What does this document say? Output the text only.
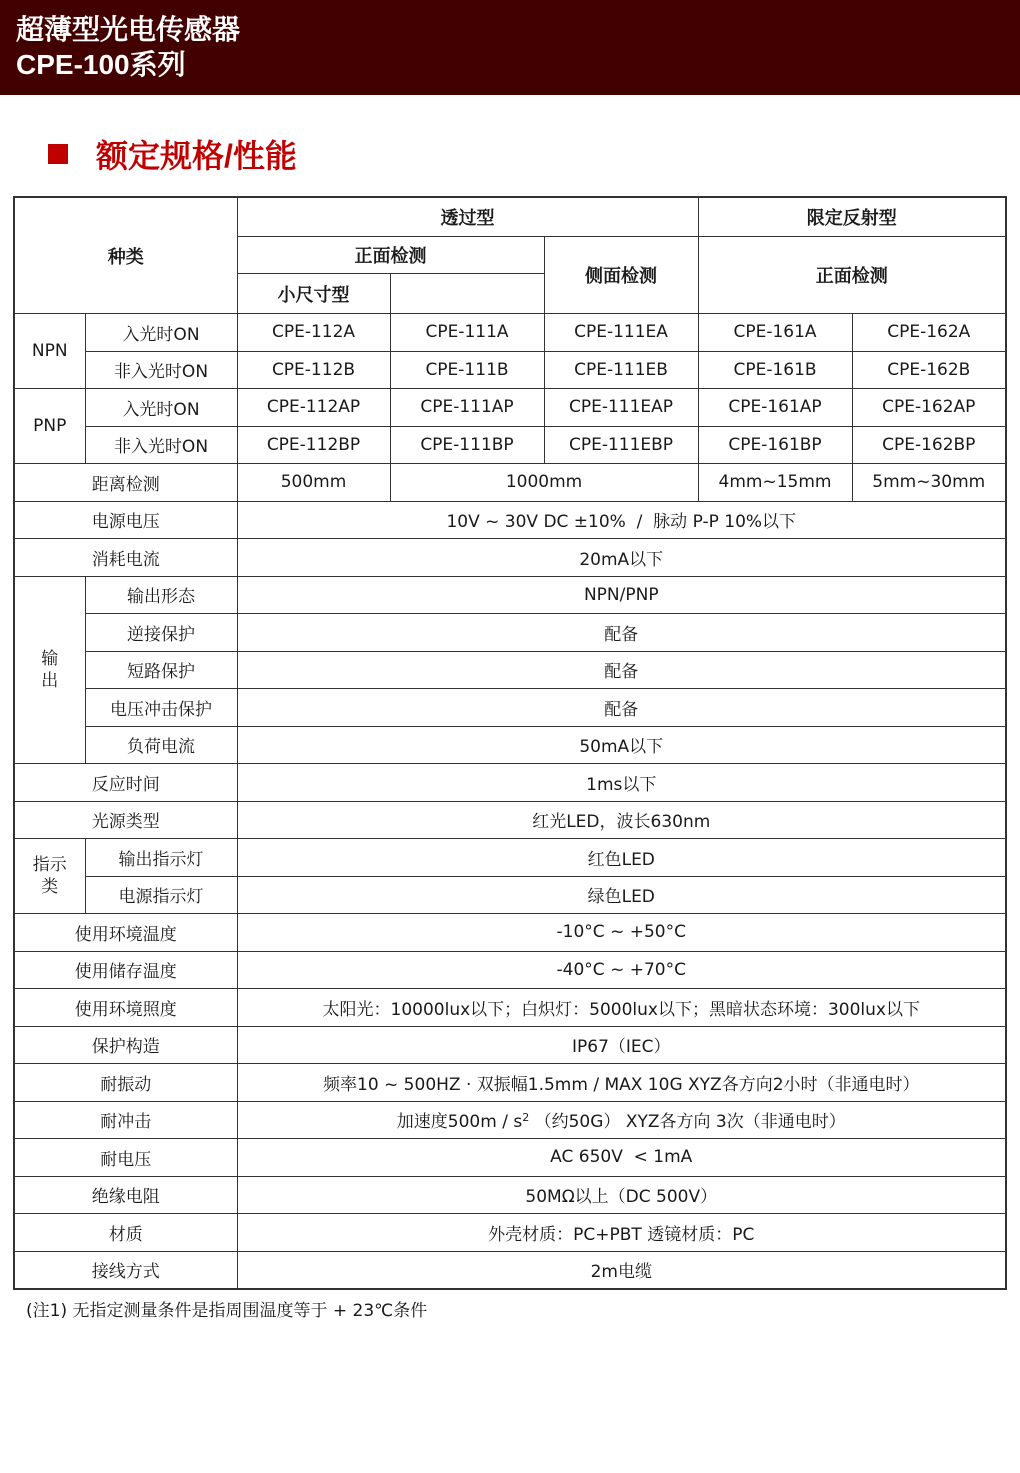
超薄型光电传感器
CPE-100系列
额定规格/性能
种类		透过型			限定反射型	
		正面检测		侧面检测	正面检测	
		小尺寸型				
NPN	入光时ON	CPE-112A	CPE-111A	CPE-111EA	CPE-161A	CPE-162A
	非入光时ON	CPE-112B	CPE-111B	CPE-111EB	CPE-161B	CPE-162B
PNP	入光时ON	CPE-112AP	CPE-111AP	CPE-111EAP	CPE-161AP	CPE-162AP
	非入光时ON	CPE-112BP	CPE-111BP	CPE-111EBP	CPE-161BP	CPE-162BP
距离检测		500mm	1000mm		4mm~15mm	5mm~30mm
电源电压		10V ~ 30V DC ±10%  /  脉动 P-P 10%以下				
消耗电流		20mA以下				
输出	输出形态	NPN/PNP				
	逆接保护	配备				
	短路保护	配备				
	电压冲击保护	配备				
	负荷电流	50mA以下				
反应时间		1ms以下				
光源类型		红光LED，波长630nm				
指示类	输出指示灯	红色LED				
	电源指示灯	绿色LED				
使用环境温度		-10°C ~ +50°C				
使用储存温度		-40°C ~ +70°C				
使用环境照度		太阳光：10000lux以下；白炽灯：5000lux以下；黑暗状态环境：300lux以下				
保护构造		IP67（IEC）				
耐振动		频率10 ~ 500HZ · 双振幅1.5mm / MAX 10G XYZ各方向2小时（非通电时）				
耐冲击		加速度$500m / s^2$ （约50G） XYZ各方向 3次（非通电时）				
耐电压		AC 650V  < 1mA				
绝缘电阻		50MΩ以上（DC 500V）				
材质		外壳材质：PC+PBT 透镜材质：PC				
接线方式		2m电缆				
(注1) 无指定测量条件是指周围温度等于 + 23℃条件
